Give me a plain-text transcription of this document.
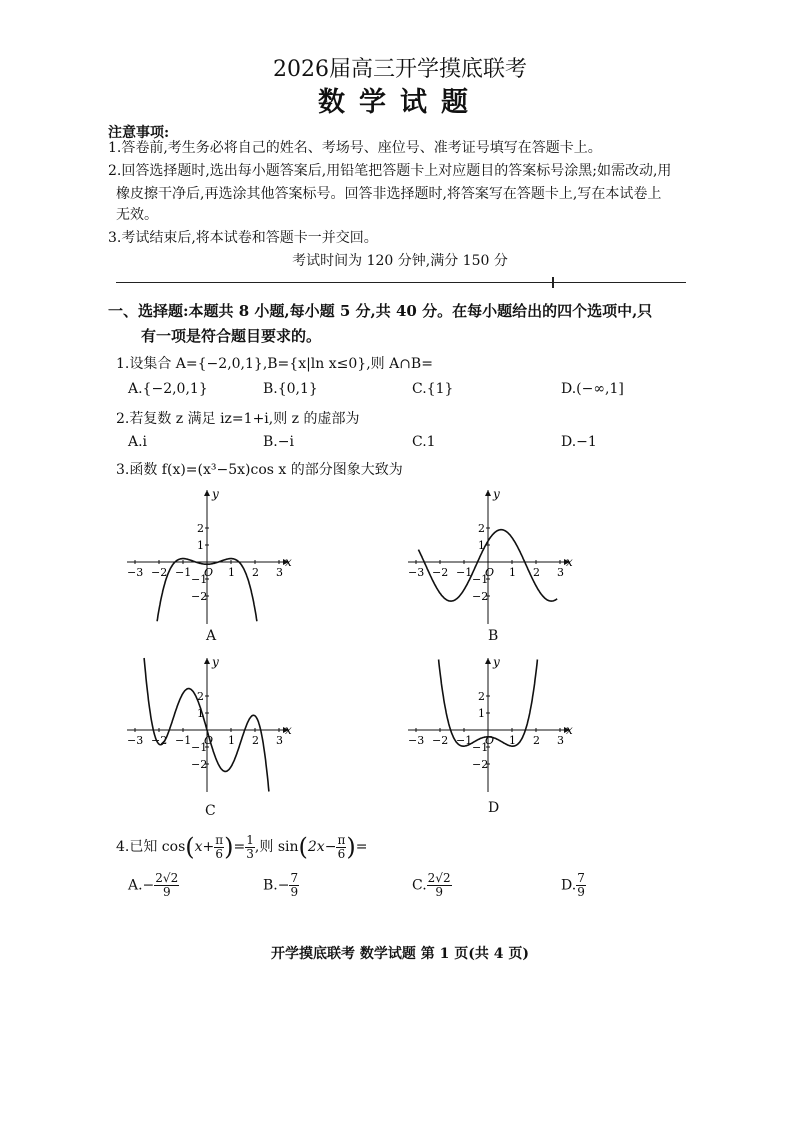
2026届高三开学摸底联考
数学试题
注意事项:
1.答卷前,考生务必将自己的姓名、考场号、座位号、准考证号填写在答题卡上。
2.回答选择题时,选出每小题答案后,用铅笔把答题卡上对应题目的答案标号涂黑;如需改动,用
橡皮擦干净后,再选涂其他答案标号。回答非选择题时,将答案写在答题卡上,写在本试卷上
无效。
3.考试结束后,将本试卷和答题卡一并交回。
考试时间为 120 分钟,满分 150 分
一、选择题:本题共 8 小题,每小题 5 分,共 40 分。在每小题给出的四个选项中,只
有一项是符合题目要求的。
1.设集合 A={−2,0,1},B={x|ln x≤0},则 A∩B=
A.{−2,0,1}	B.{0,1}	C.{1}	D.(−∞,1]
2.若复数 z 满足 iz=1+i,则 z 的虚部为
A.i	B.−i	C.1	D.−1
3.函数 f(x)=(x³−5x)cos x 的部分图象大致为
x
y
−3 −2 −1 O 1 2 3
2
1
−1
−2
A
x
y
−3 −2 −1 O 1 2 3
2
1
−1
−2
B
x
y
−3 −2 −1 O 1 2 3
2
1
−1
−2
C
x
y
−3 −2 −1 O 1 2 3
2
1
−1
−2
D
4.已知 $\cos(x+ \frac{\pi}{6}$ )= $\frac{1}{3}$ ,则 $\sin(2x- \frac{\pi}{6}$ )=
$A.- \frac{2√2}{9}$	$B.- \frac{7}{9}$	C. $\frac{2√2}{9}$	D. $\frac{7}{9}$
开学摸底联考 数学试题 第 1 页(共 4 页)
